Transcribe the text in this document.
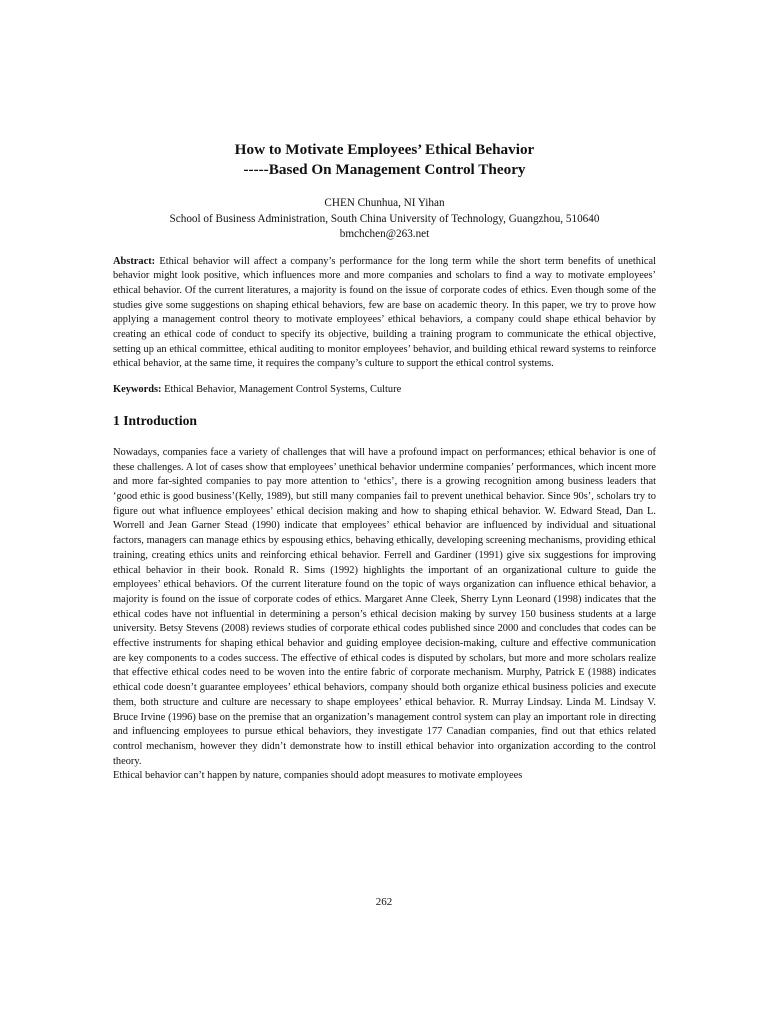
How to Motivate Employees’ Ethical Behavior
-----Based On Management Control Theory
CHEN Chunhua, NI Yihan
School of Business Administration, South China University of Technology, Guangzhou, 510640
bmchchen@263.net

Abstract: Ethical behavior will affect a company’s performance for the long term while the short term benefits of unethical behavior might look positive, which influences more and more companies and scholars to find a way to motivate employees’ ethical behavior. Of the current literatures, a majority is found on the issue of corporate codes of ethics. Even though some of the studies give some suggestions on shaping ethical behaviors, few are base on academic theory. In this paper, we try to prove how applying a management control theory to motivate employees’ ethical behaviors, a company could shape ethical behavior by creating an ethical code of conduct to specify its objective, building a training program to communicate the ethical objective, setting up an ethical committee, ethical auditing to monitor employees’ behavior, and building ethical reward systems to reinforce ethical behavior, at the same time, it requires the company’s culture to support the ethical control systems.

Keywords: Ethical Behavior, Management Control Systems, Culture

1 Introduction

Nowadays, companies face a variety of challenges that will have a profound impact on performances; ethical behavior is one of these challenges. A lot of cases show that employees’ unethical behavior undermine companies’ performances, which incent more and more far-sighted companies to pay more attention to ‘ethics’, there is a growing recognition among business leaders that ‘good ethic is good business’(Kelly, 1989), but still many companies fail to prevent unethical behavior. Since 90s’, scholars try to figure out what influence employees’ ethical decision making and how to shaping ethical behavior. W. Edward Stead, Dan L. Worrell and Jean Garner Stead (1990) indicate that employees’ ethical behavior are influenced by individual and situational factors, managers can manage ethics by espousing ethics, behaving ethically, developing screening mechanisms, providing ethical training, creating ethics units and reinforcing ethical behavior. Ferrell and Gardiner (1991) give six suggestions for improving ethical behavior in their book. Ronald R. Sims (1992) highlights the important of an organizational culture to guide the employees’ ethical behaviors. Of the current literature found on the topic of ways organization can influence ethical behavior, a majority is found on the issue of corporate codes of ethics. Margaret Anne Cleek, Sherry Lynn Leonard (1998) indicates that the ethical codes have not influential in determining a person’s ethical decision making by survey 150 business students at a large university. Betsy Stevens (2008) reviews studies of corporate ethical codes published since 2000 and concludes that codes can be effective instruments for shaping ethical behavior and guiding employee decision-making, culture and effective communication are key components to a codes success. The effective of ethical codes is disputed by scholars, but more and more scholars realize that effective ethical codes need to be woven into the entire fabric of corporate mechanism. Murphy, Patrick E (1988) indicates ethical code doesn’t guarantee employees’ ethical behaviors, company should both organize ethical business policies and execute them, both structure and culture are necessary to shape employees’ ethical behavior. R. Murray Lindsay. Linda M. Lindsay V. Bruce Irvine (1996) base on the premise that an organization’s management control system can play an important role in directing and influencing employees to pursue ethical behaviors, they investigate 177 Canadian companies, find out that ethics related control mechanism, however they didn’t demonstrate how to instill ethical behavior into organization according to the control theory.

Ethical behavior can’t happen by nature, companies should adopt measures to motivate employees

262
